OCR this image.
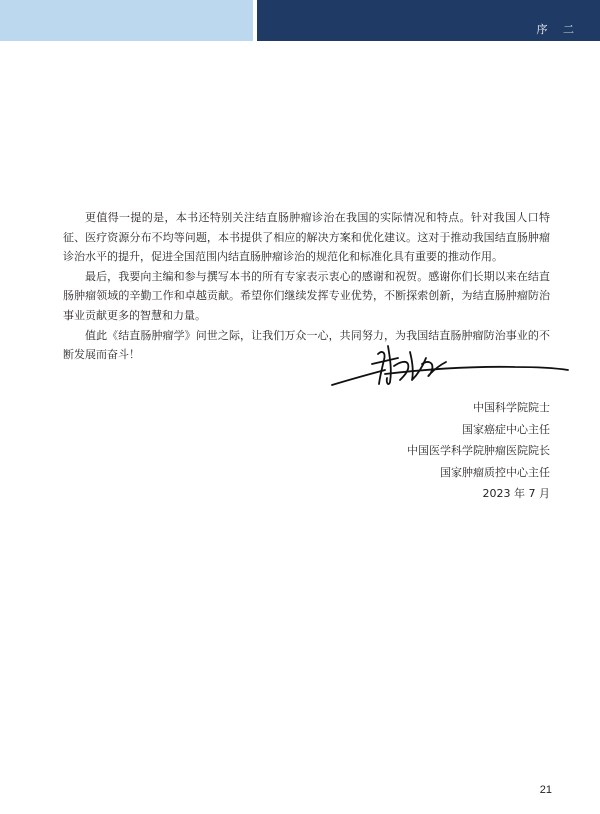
序 二

更值得一提的是，本书还特别关注结直肠肿瘤诊治在我国的实际情况和特点。针对我国人口特征、医疗资源分布不均等问题，本书提供了相应的解决方案和优化建议。这对于推动我国结直肠肿瘤诊治水平的提升，促进全国范围内结直肠肿瘤诊治的规范化和标准化具有重要的推动作用。

最后，我要向主编和参与撰写本书的所有专家表示衷心的感谢和祝贺。感谢你们长期以来在结直肠肿瘤领域的辛勤工作和卓越贡献。希望你们继续发挥专业优势，不断探索创新，为结直肠肿瘤防治事业贡献更多的智慧和力量。

值此《结直肠肿瘤学》问世之际，让我们万众一心，共同努力，为我国结直肠肿瘤防治事业的不断发展而奋斗！

中国科学院院士
国家癌症中心主任
中国医学科学院肿瘤医院院长
国家肿瘤质控中心主任
2023 年 7 月
21
